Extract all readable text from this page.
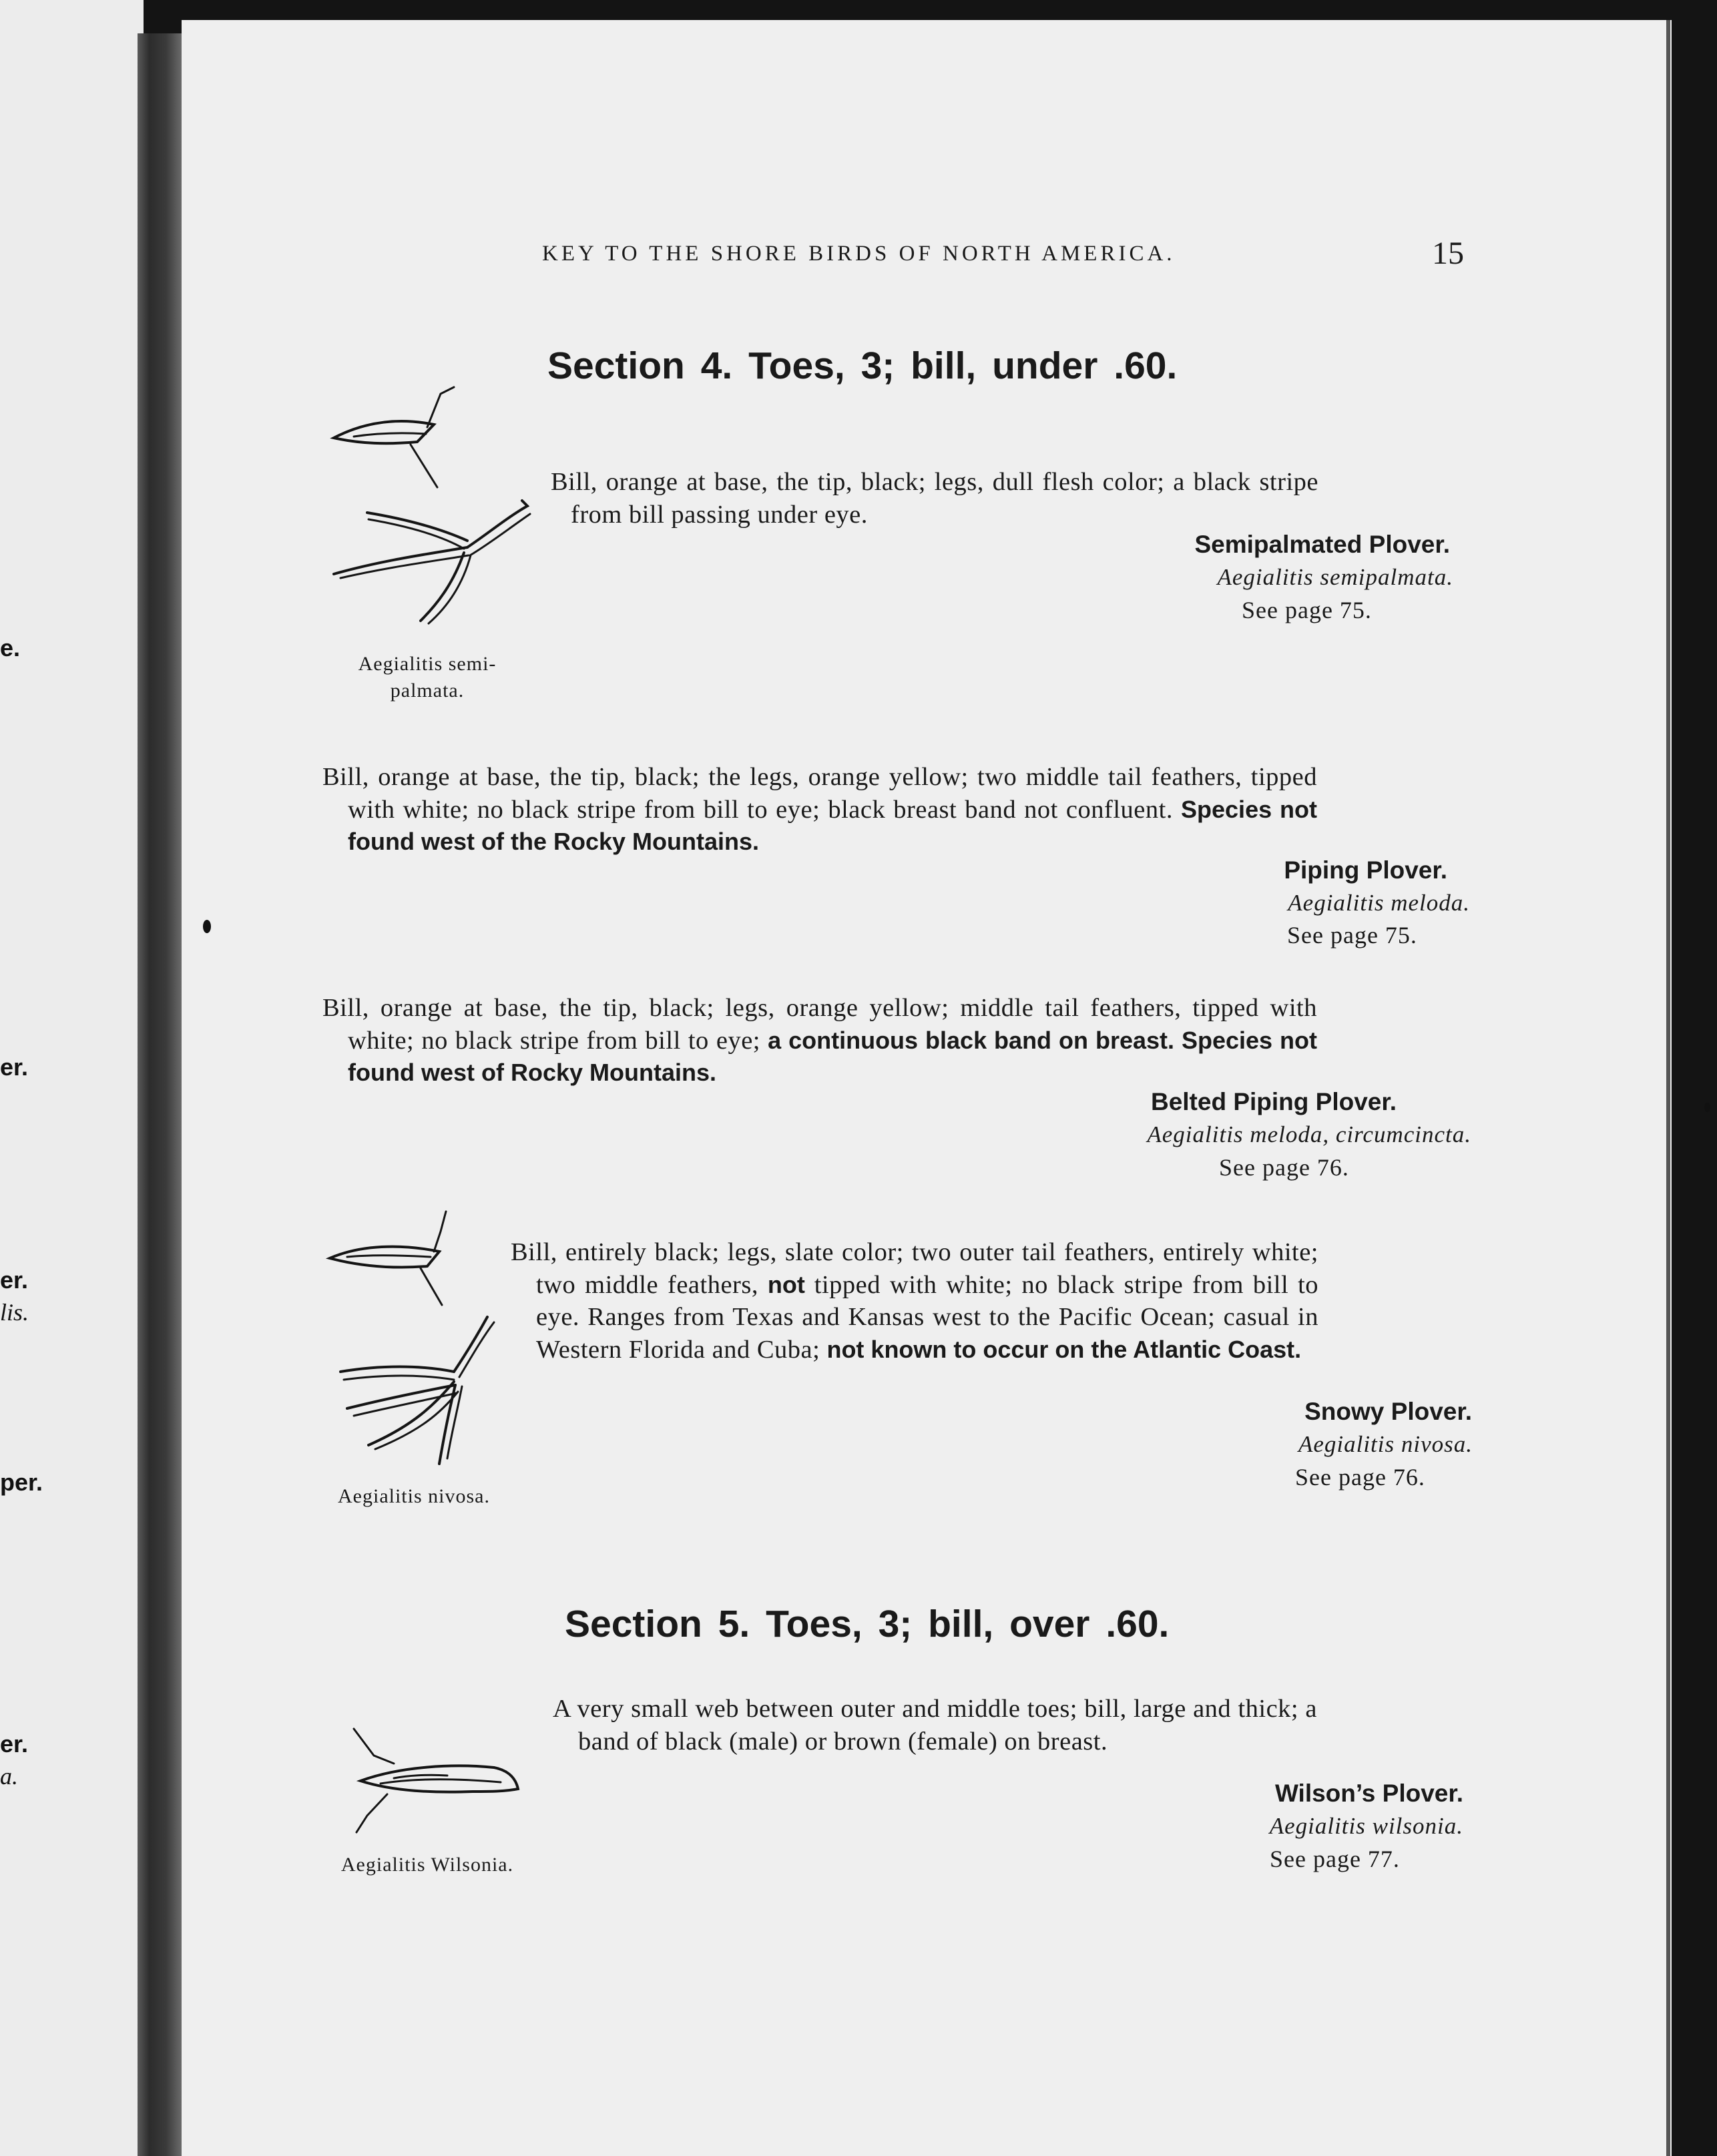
e.
er.
er.
lis.
per.
er.
a.
KEY TO THE SHORE BIRDS OF NORTH AMERICA.	15
Section 4. Toes, 3; bill, under .60.
Aegialitis semi-
palmata.

Bill, orange at base, the tip, black; legs, dull flesh color; a black stripe from bill passing under eye.

Semipalmated Plover.
Aegialitis semipalmata.
See page 75.

Bill, orange at base, the tip, black; the legs, orange yellow; two middle tail feathers, tipped with white; no black stripe from bill to eye; black breast band not confluent. Species not found west of the Rocky Mountains.

Piping Plover.
Aegialitis meloda.
See page 75.

Bill, orange at base, the tip, black; legs, orange yellow; middle tail feathers, tipped with white; no black stripe from bill to eye; a continuous black band on breast. Species not found west of Rocky Mountains.

Belted Piping Plover.
Aegialitis meloda, circumcincta.
See page 76.
Aegialitis nivosa.

Bill, entirely black; legs, slate color; two outer tail feathers, entirely white; two middle feathers, not tipped with white; no black stripe from bill to eye. Ranges from Texas and Kansas west to the Pacific Ocean; casual in Western Florida and Cuba; not known to occur on the Atlantic Coast.

Snowy Plover.
Aegialitis nivosa.
See page 76.
Section 5. Toes, 3; bill, over .60.
Aegialitis Wilsonia.

A very small web between outer and middle toes; bill, large and thick; a band of black (male) or brown (female) on breast.

Wilson’s Plover.
Aegialitis wilsonia.
See page 77.
